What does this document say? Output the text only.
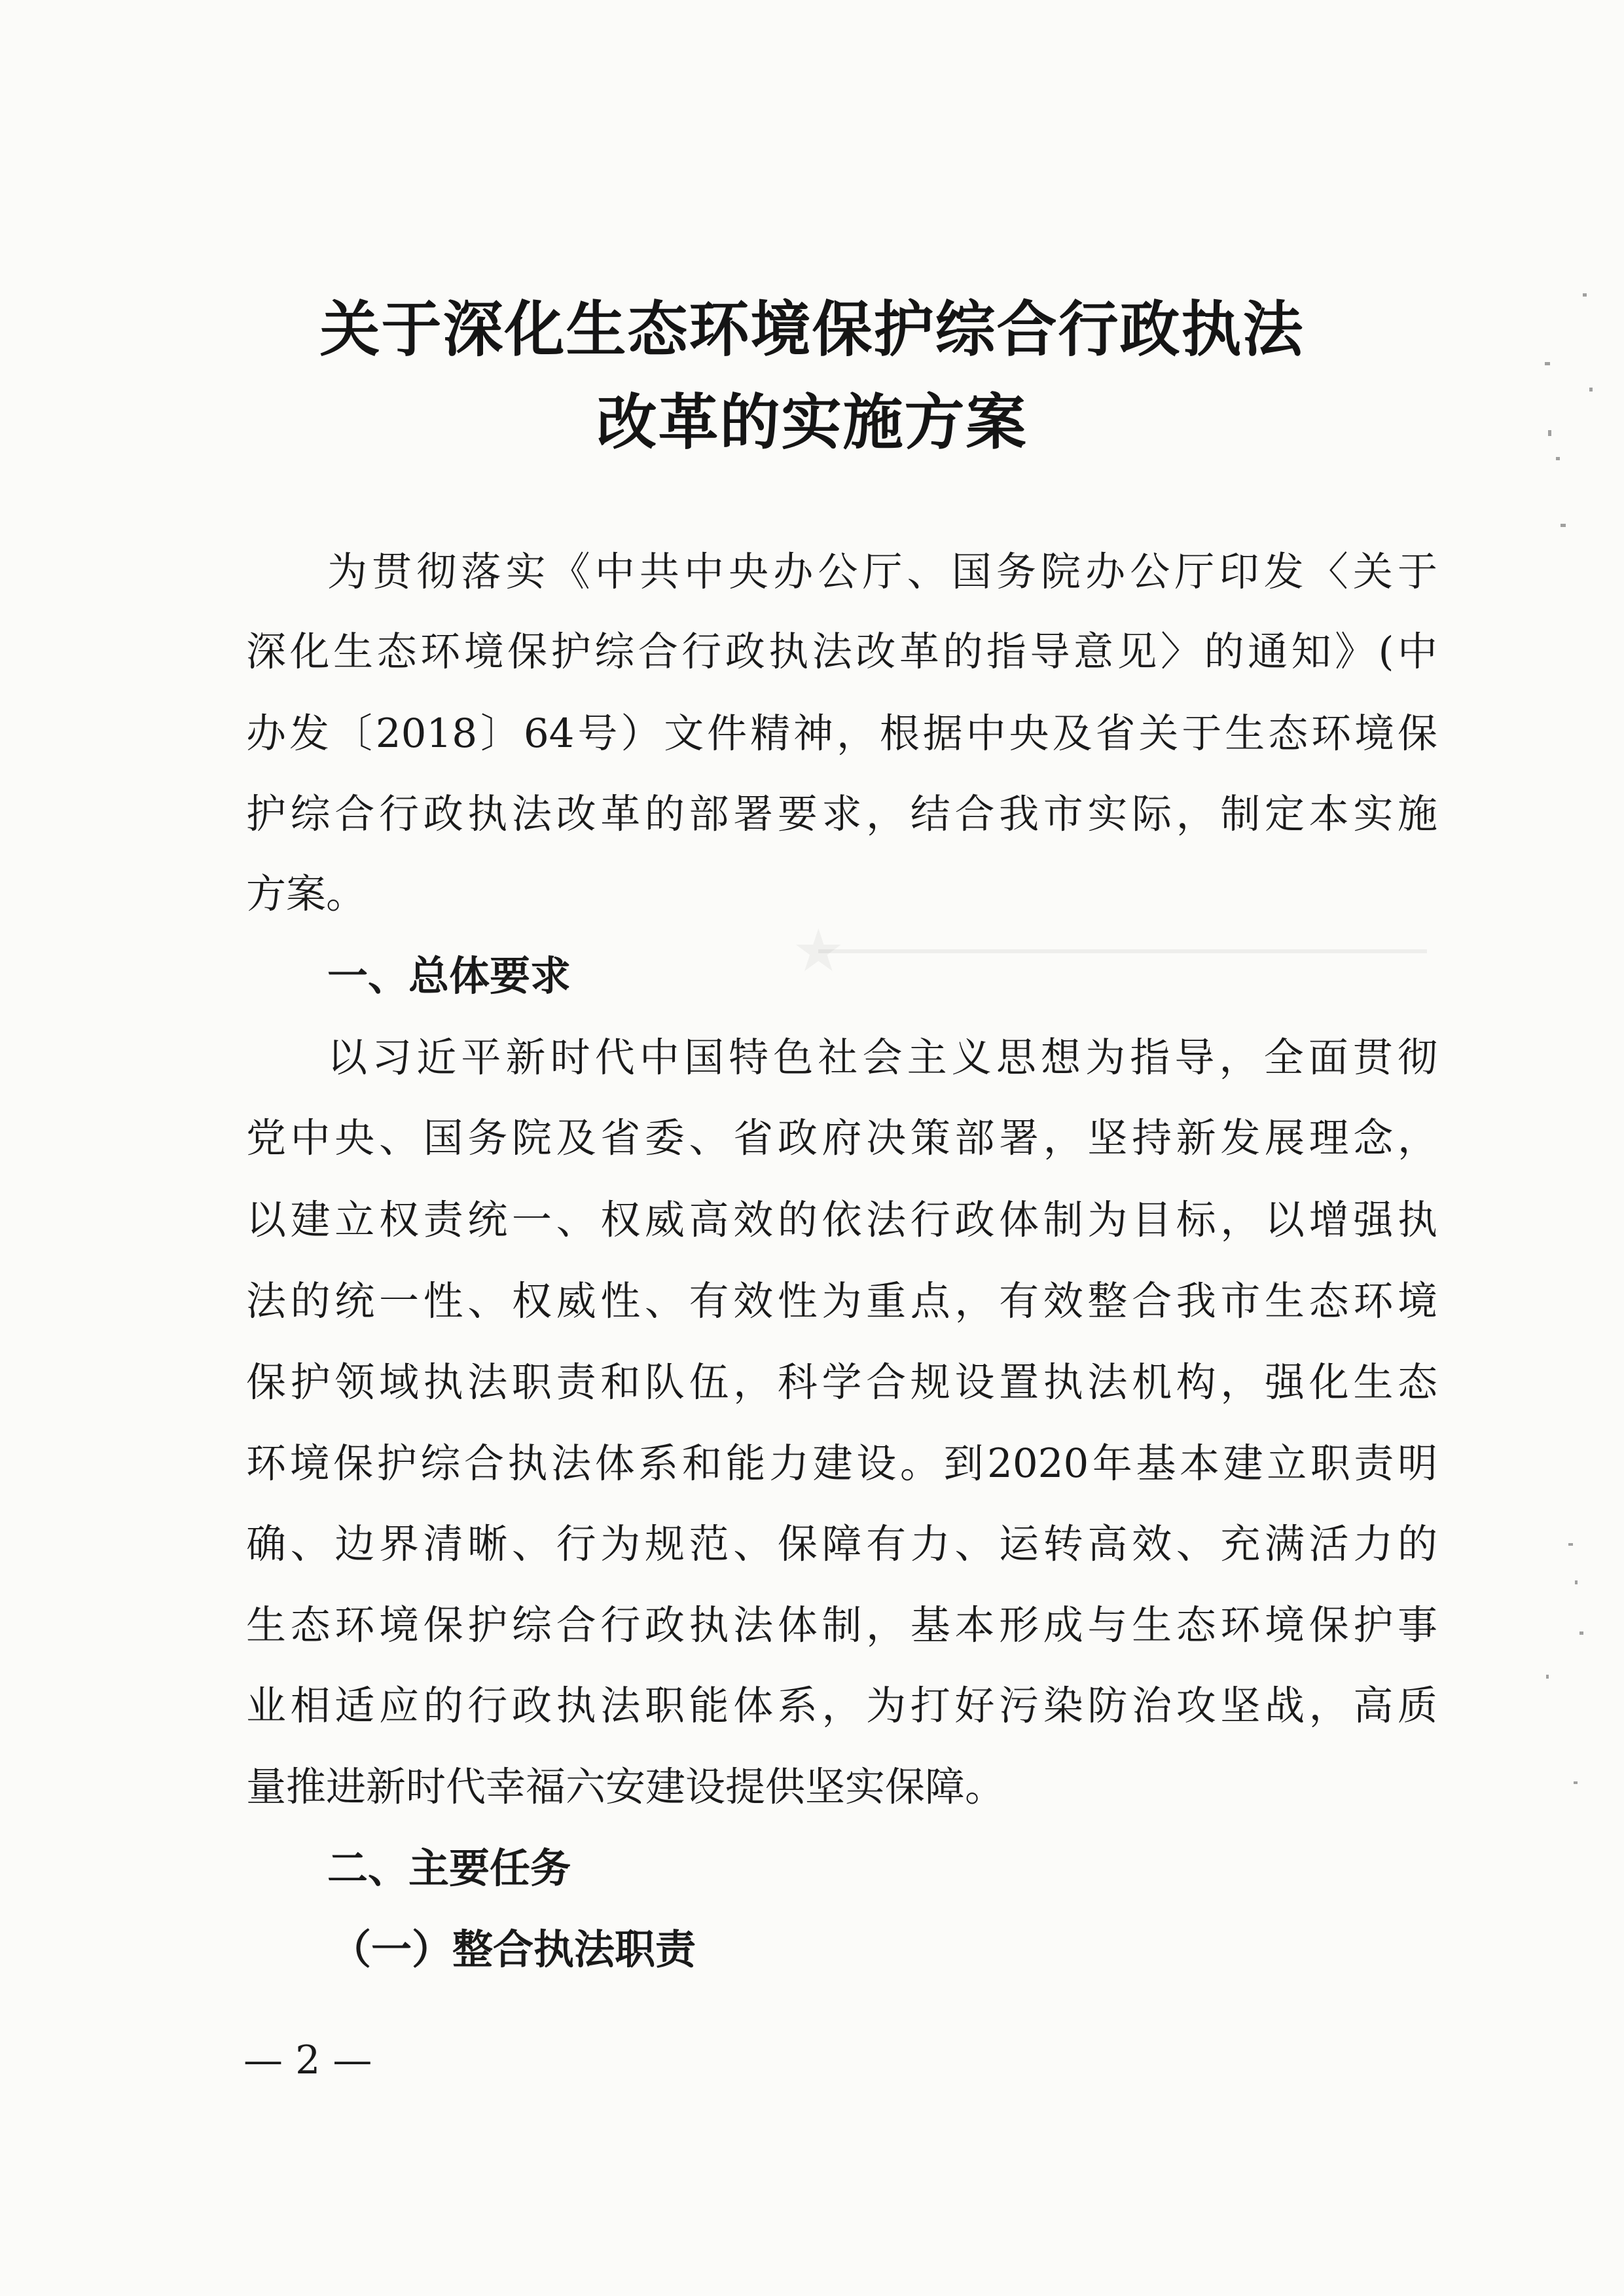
关于深化生态环境保护综合行政执法
改革的实施方案
为贯彻落实《中共中央办公厅、国务院办公厅印发〈关于
深化生态环境保护综合行政执法改革的指导意见〉的通知》(中
办发〔2018〕64号）文件精神，根据中央及省关于生态环境保
护综合行政执法改革的部署要求，结合我市实际，制定本实施
方案。
一、总体要求
以习近平新时代中国特色社会主义思想为指导，全面贯彻
党中央、国务院及省委、省政府决策部署，坚持新发展理念，
以建立权责统一、权威高效的依法行政体制为目标，以增强执
法的统一性、权威性、有效性为重点，有效整合我市生态环境
保护领域执法职责和队伍，科学合规设置执法机构，强化生态
环境保护综合执法体系和能力建设。到2020年基本建立职责明
确、边界清晰、行为规范、保障有力、运转高效、充满活力的
生态环境保护综合行政执法体制，基本形成与生态环境保护事
业相适应的行政执法职能体系，为打好污染防治攻坚战，高质
量推进新时代幸福六安建设提供坚实保障。
二、主要任务
（一）整合执法职责
— 2 —
